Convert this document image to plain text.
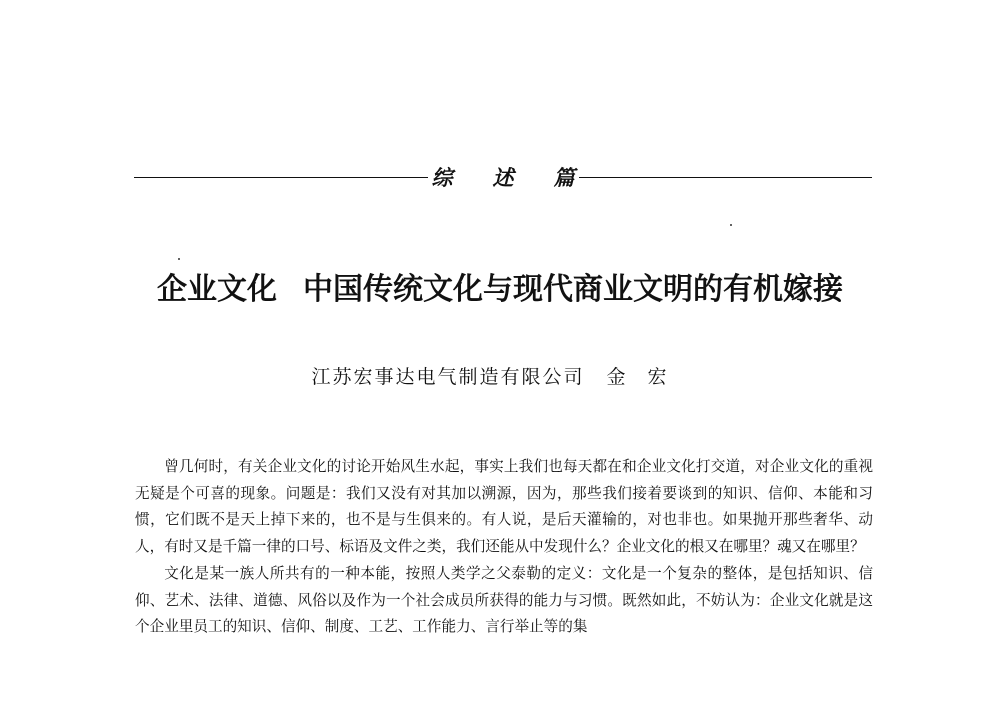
综述篇
企业文化 中国传统文化与现代商业文明的有机嫁接
江苏宏事达电气制造有限公司 金宏

曾几何时，有关企业文化的讨论开始风生水起，事实上我们也每天都在和企业文化打交道，对企业文化的重视无疑是个可喜的现象。问题是：我们又没有对其加以溯源，因为，那些我们接着要谈到的知识、信仰、本能和习惯，它们既不是天上掉下来的，也不是与生俱来的。有人说，是后天灌输的，对也非也。如果抛开那些奢华、动人，有时又是千篇一律的口号、标语及文件之类，我们还能从中发现什么？企业文化的根又在哪里？魂又在哪里？

文化是某一族人所共有的一种本能，按照人类学之父泰勒的定义：文化是一个复杂的整体，是包括知识、信仰、艺术、法律、道德、风俗以及作为一个社会成员所获得的能力与习惯。既然如此，不妨认为：企业文化就是这个企业里员工的知识、信仰、制度、工艺、工作能力、言行举止等的集
